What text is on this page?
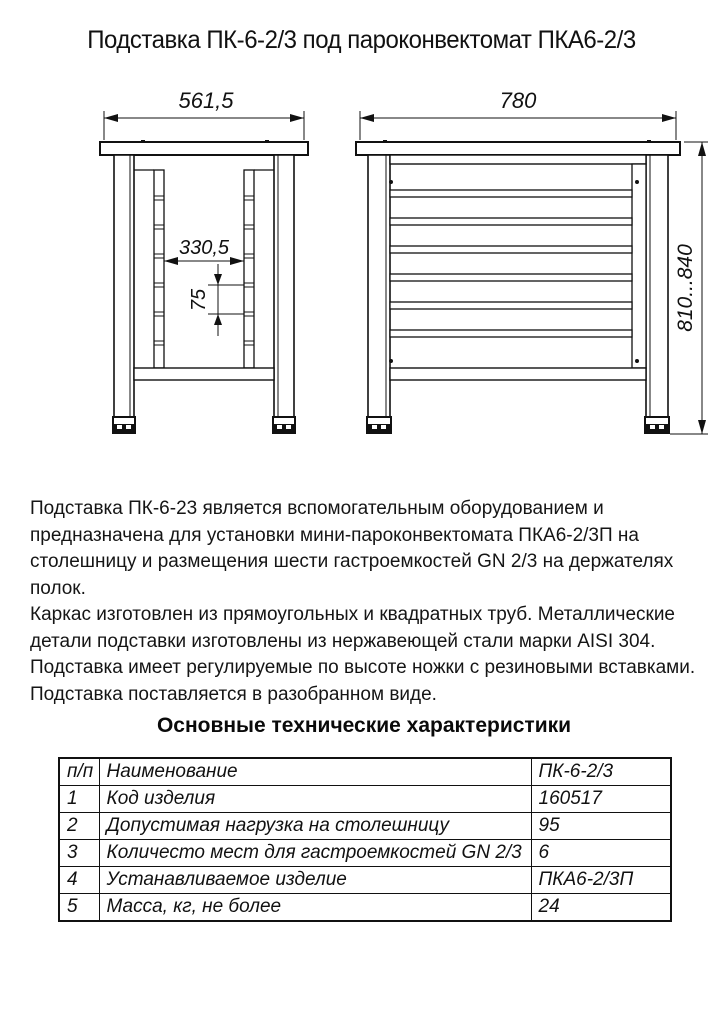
Подставка ПК-6-2/3 под пароконвектомат ПКА6-2/3
561,5
330,5
75
780
810...840

Подставка ПК-6-23 является вспомогательным оборудованием и предназначена для установки мини-пароконвектомата ПКА6-2/3П на столешницу и размещения шести гастроемкостей GN 2/3 на держателях полок.

Каркас изготовлен из прямоугольных и квадратных труб. Металлические детали подставки изготовлены из нержавеющей стали марки AISI 304.

Подставка имеет регулируемые по высоте ножки с резиновыми вставками.

Подставка поставляется в разобранном виде.

Основные технические характеристики
п/п	Наименование	ПК-6-2/3
1	Код изделия	160517
2	Допустимая нагрузка на столешницу	95
3	Количесто мест для гастроемкостей GN 2/3	6
4	Устанавливаемое изделие	ПКА6-2/3П
5	Масса, кг, не более	24
